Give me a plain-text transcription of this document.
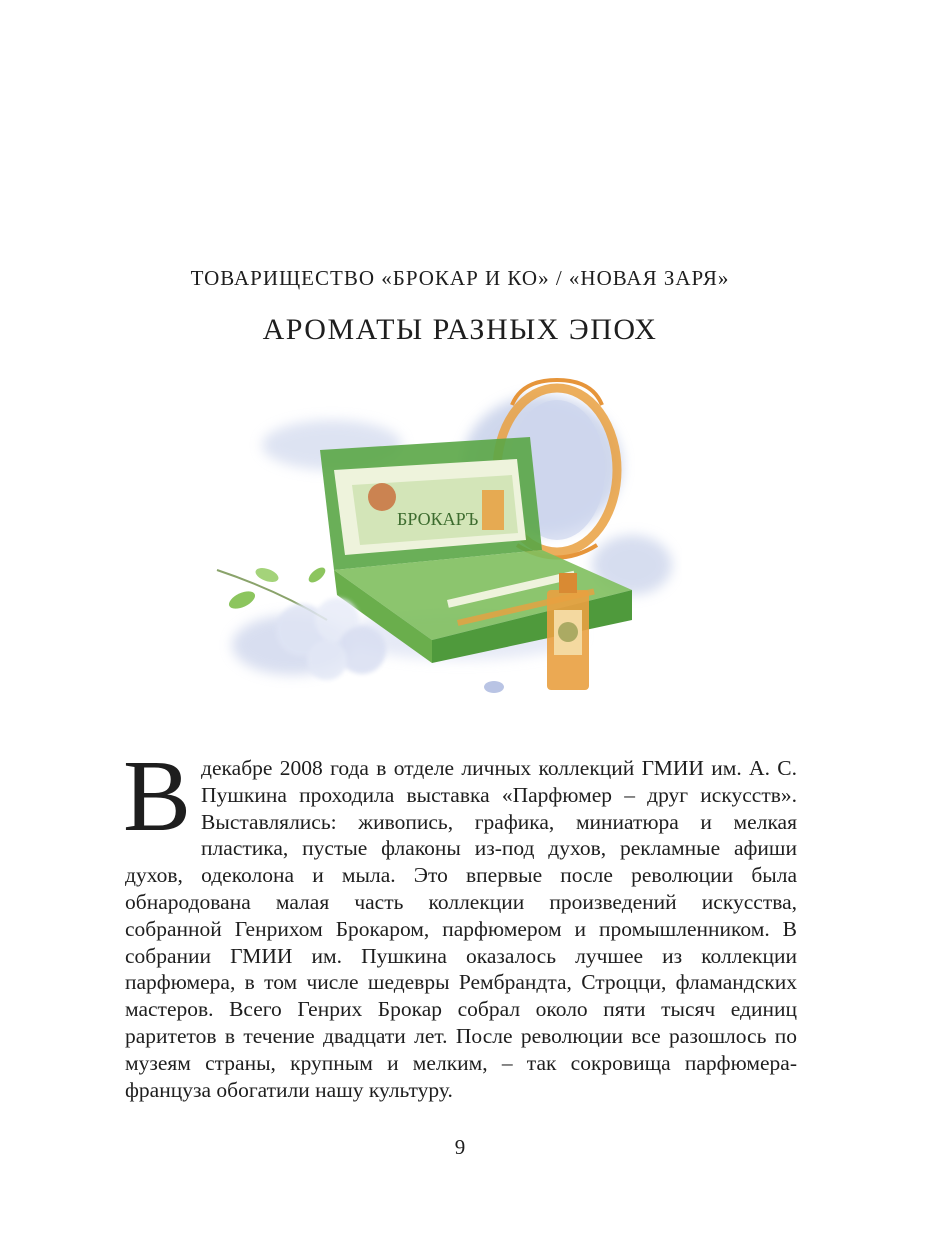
ТОВАРИЩЕСТВО «БРОКАР И КО» / «НОВАЯ ЗАРЯ»
АРОМАТЫ РАЗНЫХ ЭПОХ
БРОКАРЪ
В декабре 2008 года в отделе личных коллекций ГМИИ им. А. С. Пушкина проходила выставка «Парфюмер – друг искусств». Выставлялись: живопись, графика, миниатюра и мелкая пластика, пустые флаконы из-под духов, рекламные афиши духов, одеколона и мыла. Это впервые после революции была обнародована малая часть коллекции произведений искусства, собранной Генрихом Брокаром, парфюмером и промышленником. В собрании ГМИИ им. Пушкина оказалось лучшее из коллекции парфюмера, в том числе шедевры Рембрандта, Строцци, фламандских мастеров. Всего Генрих Брокар собрал около пяти тысяч единиц раритетов в течение двадцати лет. После революции все разошлось по музеям страны, крупным и мелким, – так сокровища парфюмера-француза обогатили нашу культуру.
9
